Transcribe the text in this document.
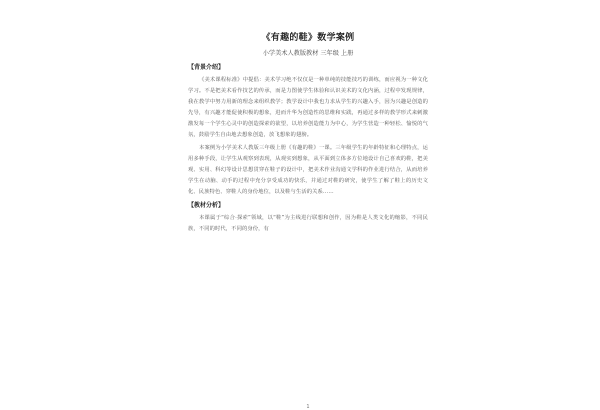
《有趣的鞋》数学案例
小学美术人教版教材 三年级 上册
【背景介绍】

《美术课程标准》中提倡：美术学习绝不仅仅是一种单纯的技能技巧的训练，而应视为一种文化学习。不是把美术看作技艺的传承，而是力图使学生体验和认识美术的文化内涵，过程中发现规律，我在教学中努力用新的理念来组织教学；教学设计中我也力求从学生的兴趣入手，因为兴趣是创造的先导，有兴趣才能促使积极的想象，进而升华为创造性的思维和实践，再通过多样的教学形式来刺激激发每一个学生心灵中的创造探索的欲望，以培养创造能力为中心，为学生营造一种轻松、愉悦的气氛，鼓励学生自由地去想象创造，放飞想象的翅膀。

本案例为小学美术人教版三年级上册《有趣的鞋》一课。三年级学生的年龄特征和心理特点，运用多种手段，让学生从观察到表现，从观实到想象，从平面到立体多方位地设计自己喜欢的鞋，把美观、实用、科幻等设计思想贯穿在鞋子的设计中，把美术作业沟通文学科的作业进行结合，从而培养学生在动脑、动手的过程中充分享受成功的快乐，并通过对鞋的研究，使学生了解了鞋上的历史文化、民族特色、穿鞋人的身份地位，以及鞋与生活的关系……

【教材分析】

本课属于“综合·探索”领域，以“鞋”为主线进行联想和创作，因为鞋是人类文化的缩影，不同民族，不同的时代，不同的身份，有

1
